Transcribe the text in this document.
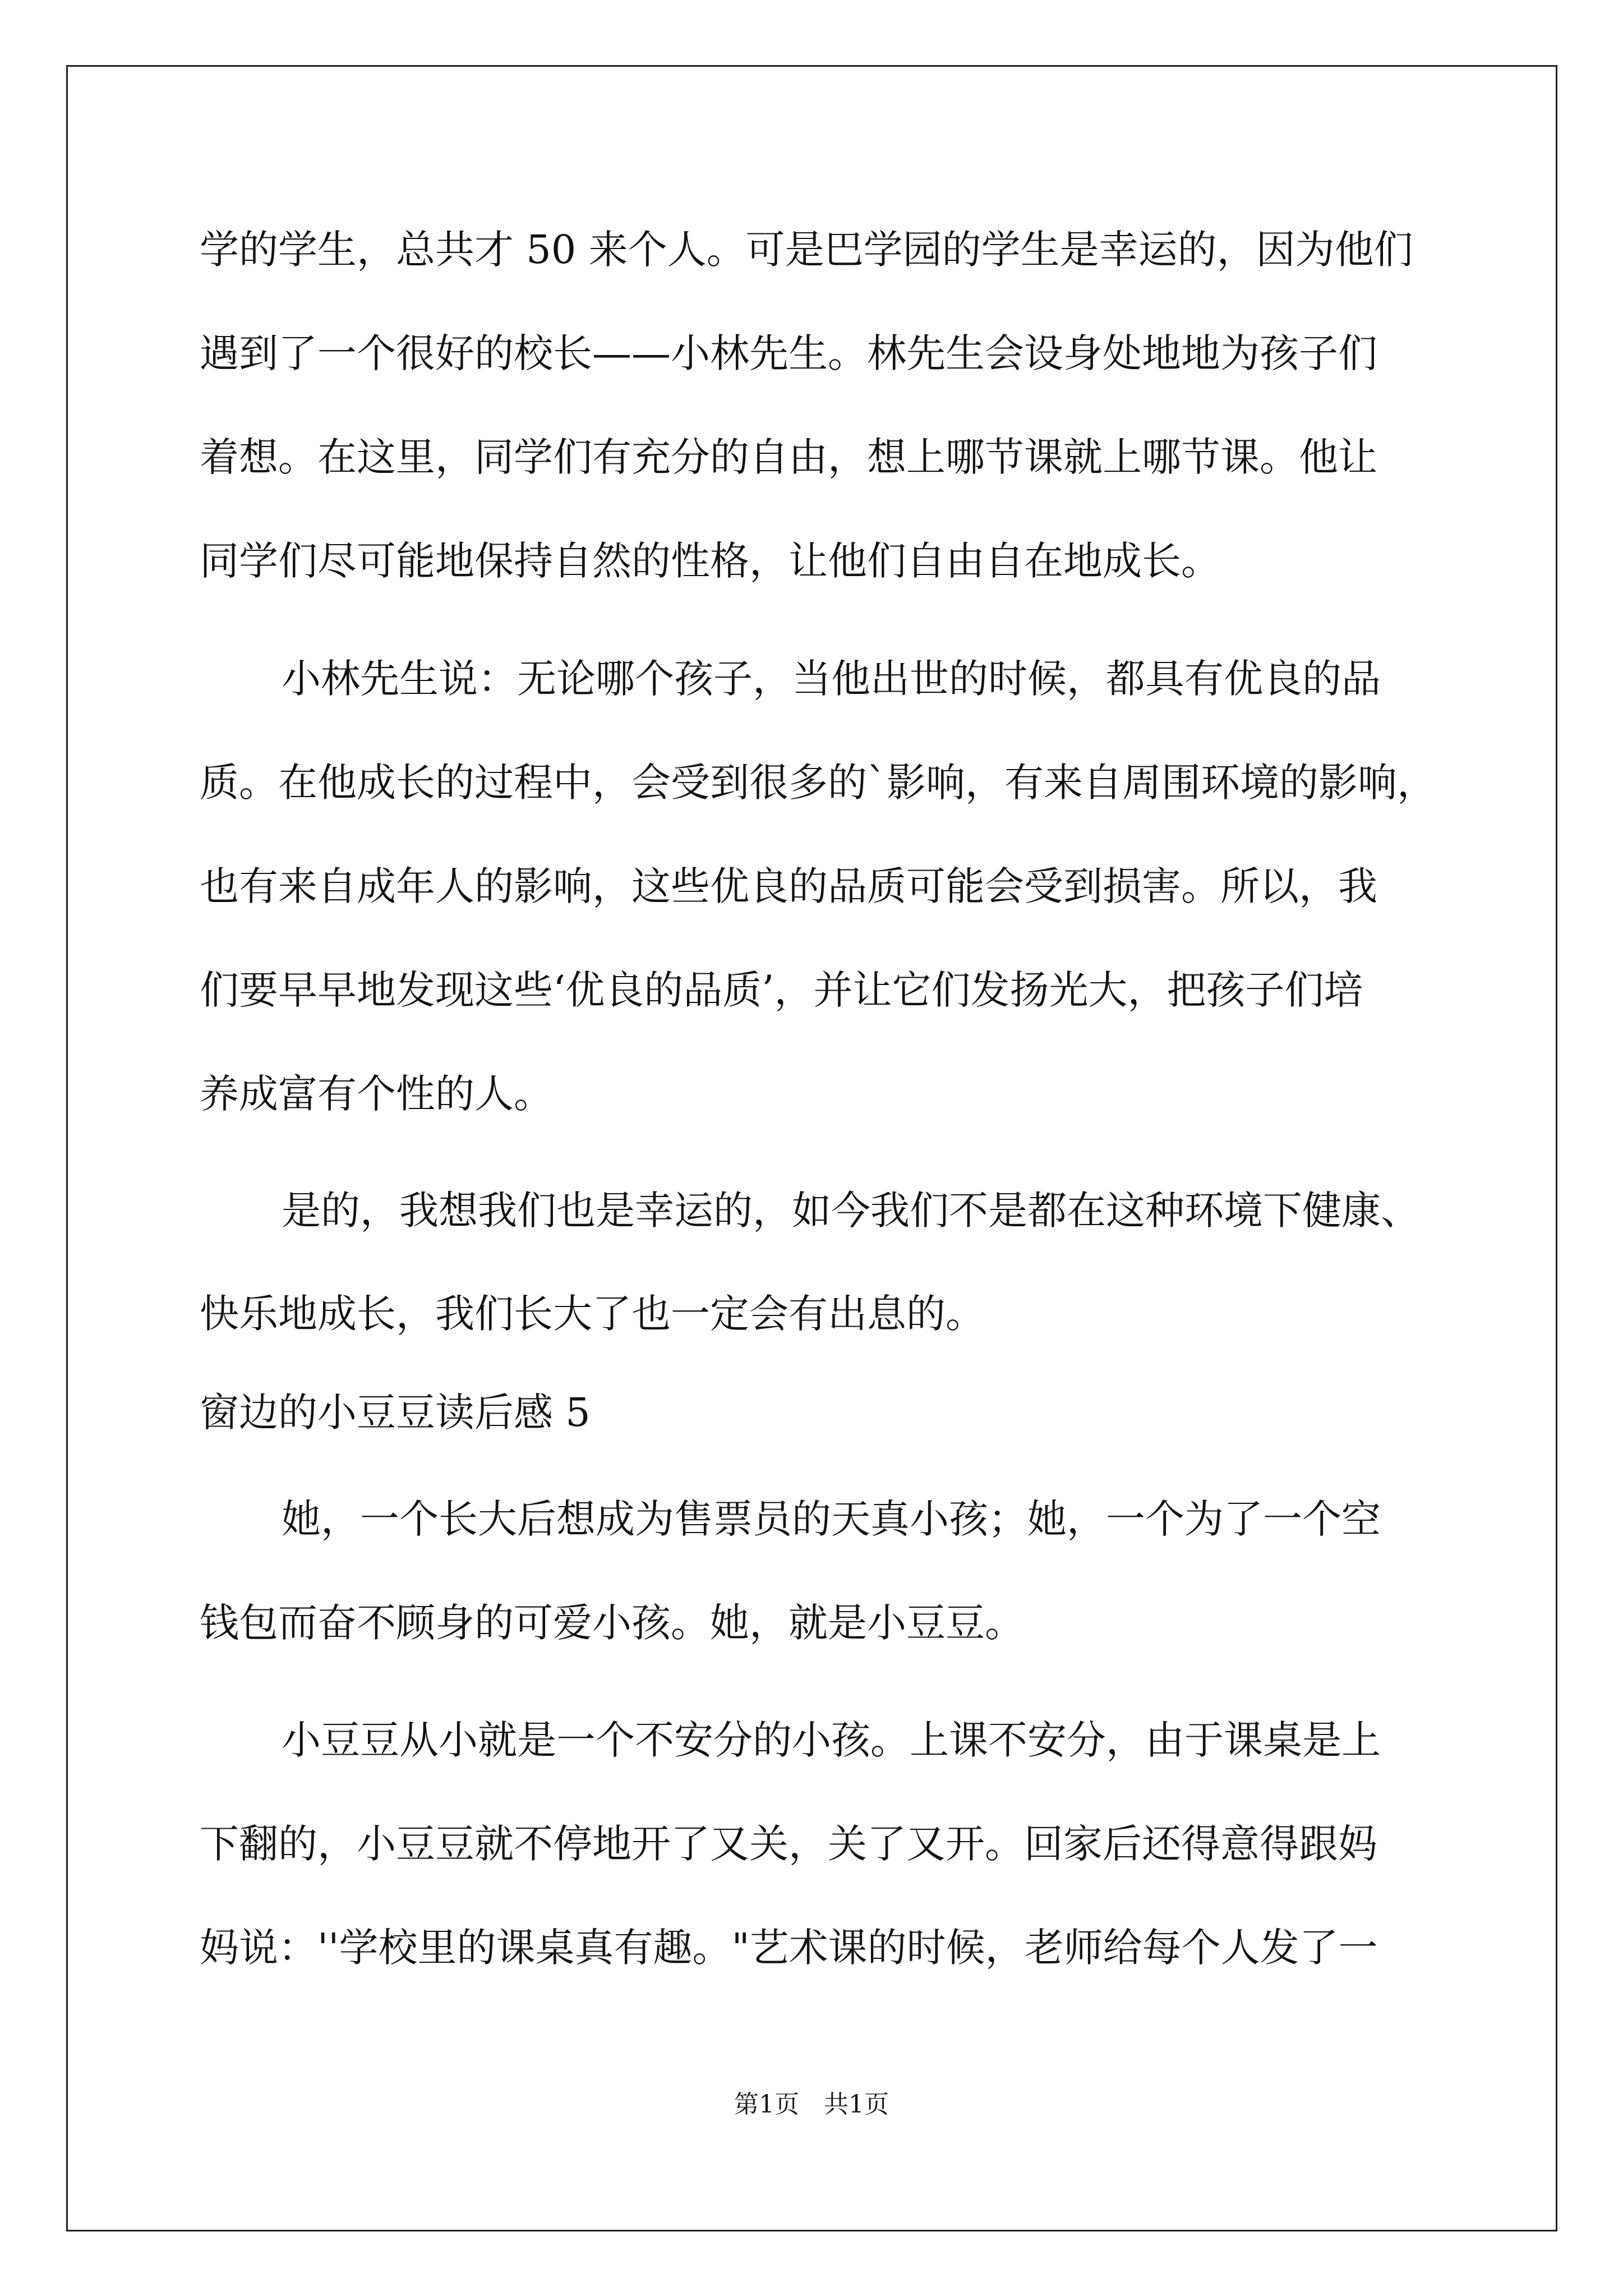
学的学生，总共才 50 来个人。可是巴学园的学生是幸运的，因为他们
遇到了一个很好的校长——小林先生。林先生会设身处地地为孩子们
着想。在这里，同学们有充分的自由，想上哪节课就上哪节课。他让
同学们尽可能地保持自然的性格，让他们自由自在地成长。
小林先生说：无论哪个孩子，当他出世的时候，都具有优良的品
质。在他成长的过程中，会受到很多的`影响，有来自周围环境的影响，
也有来自成年人的影响，这些优良的品质可能会受到损害。所以，我
们要早早地发现这些‘优良的品质’，并让它们发扬光大，把孩子们培
养成富有个性的人。
是的，我想我们也是幸运的，如今我们不是都在这种环境下健康、
快乐地成长，我们长大了也一定会有出息的。
窗边的小豆豆读后感 5
她，一个长大后想成为售票员的天真小孩；她，一个为了一个空
钱包而奋不顾身的可爱小孩。她，就是小豆豆。
小豆豆从小就是一个不安分的小孩。上课不安分，由于课桌是上
下翻的，小豆豆就不停地开了又关，关了又开。回家后还得意得跟妈
妈说：''学校里的课桌真有趣。"艺术课的时候，老师给每个人发了一
第1页　共1页
